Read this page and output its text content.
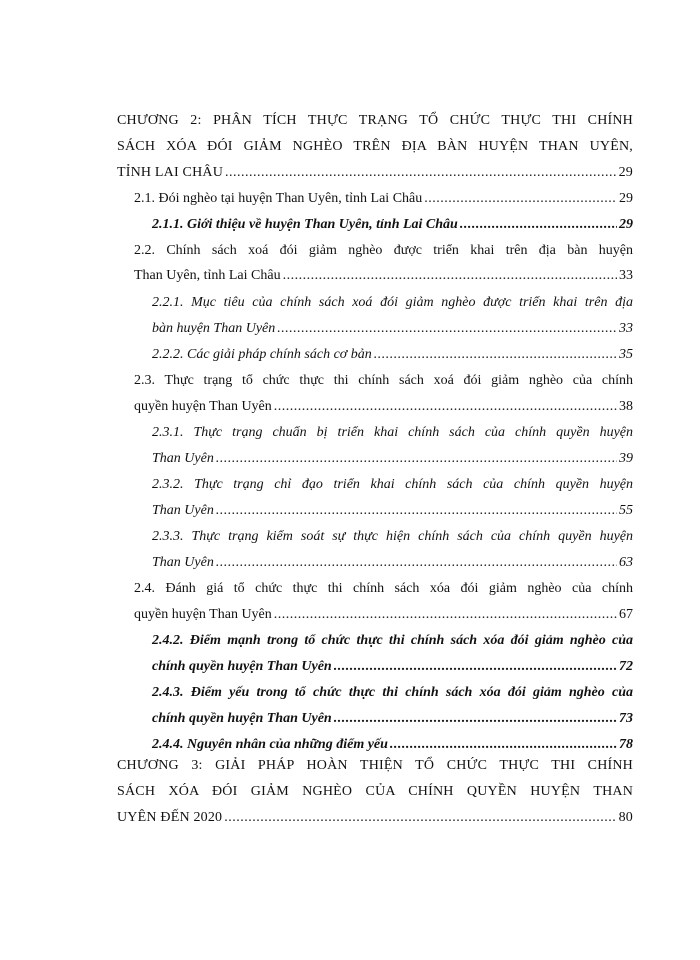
CHƯƠNG 2: PHÂN TÍCH THỰC TRẠNG TỔ CHỨC THỰC THI CHÍNH
SÁCH XÓA ĐÓI GIẢM NGHÈO TRÊN ĐỊA BÀN HUYỆN THAN UYÊN,
TỈNH LAI CHÂU .....	29
2.1. Đói nghèo tại huyện Than Uyên, tỉnh Lai Châu .....	29
2.1.1. Giới thiệu về huyện Than Uyên, tỉnh Lai Châu .....	29
2.2. Chính sách xoá đói giảm nghèo được triển khai trên địa bàn huyện
Than Uyên, tỉnh Lai Châu .....	33
2.2.1. Mục tiêu của chính sách xoá đói giảm nghèo được triển khai trên địa
bàn huyện Than Uyên .....	33
2.2.2. Các giải pháp chính sách cơ bản .....	35
2.3. Thực trạng tổ chức thực thi chính sách xoá đói giảm nghèo của chính
quyền huyện Than Uyên .....	38
2.3.1. Thực trạng chuẩn bị triển khai chính sách của chính quyền huyện
Than Uyên .....	39
2.3.2. Thực trạng chỉ đạo triển khai chính sách của chính quyền huyện
Than Uyên .....	55
2.3.3. Thực trạng kiểm soát sự thực hiện chính sách của chính quyền huyện
Than Uyên .....	63
2.4. Đánh giá tổ chức thực thi chính sách xóa đói giảm nghèo của chính
quyền huyện Than Uyên .....	67
2.4.2. Điểm mạnh trong tổ chức thực thi chính sách xóa đói giảm nghèo của
chính quyền huyện Than Uyên .....	72
2.4.3. Điểm yếu trong tổ chức thực thi chính sách xóa đói giảm nghèo của
chính quyền huyện Than Uyên .....	73
2.4.4. Nguyên nhân của những điểm yếu .....	78
CHƯƠNG 3: GIẢI PHÁP HOÀN THIỆN TỔ CHỨC THỰC THI CHÍNH
SÁCH XÓA ĐÓI GIẢM NGHÈO CỦA CHÍNH QUYỀN HUYỆN THAN
UYÊN ĐẾN 2020 .....	80
